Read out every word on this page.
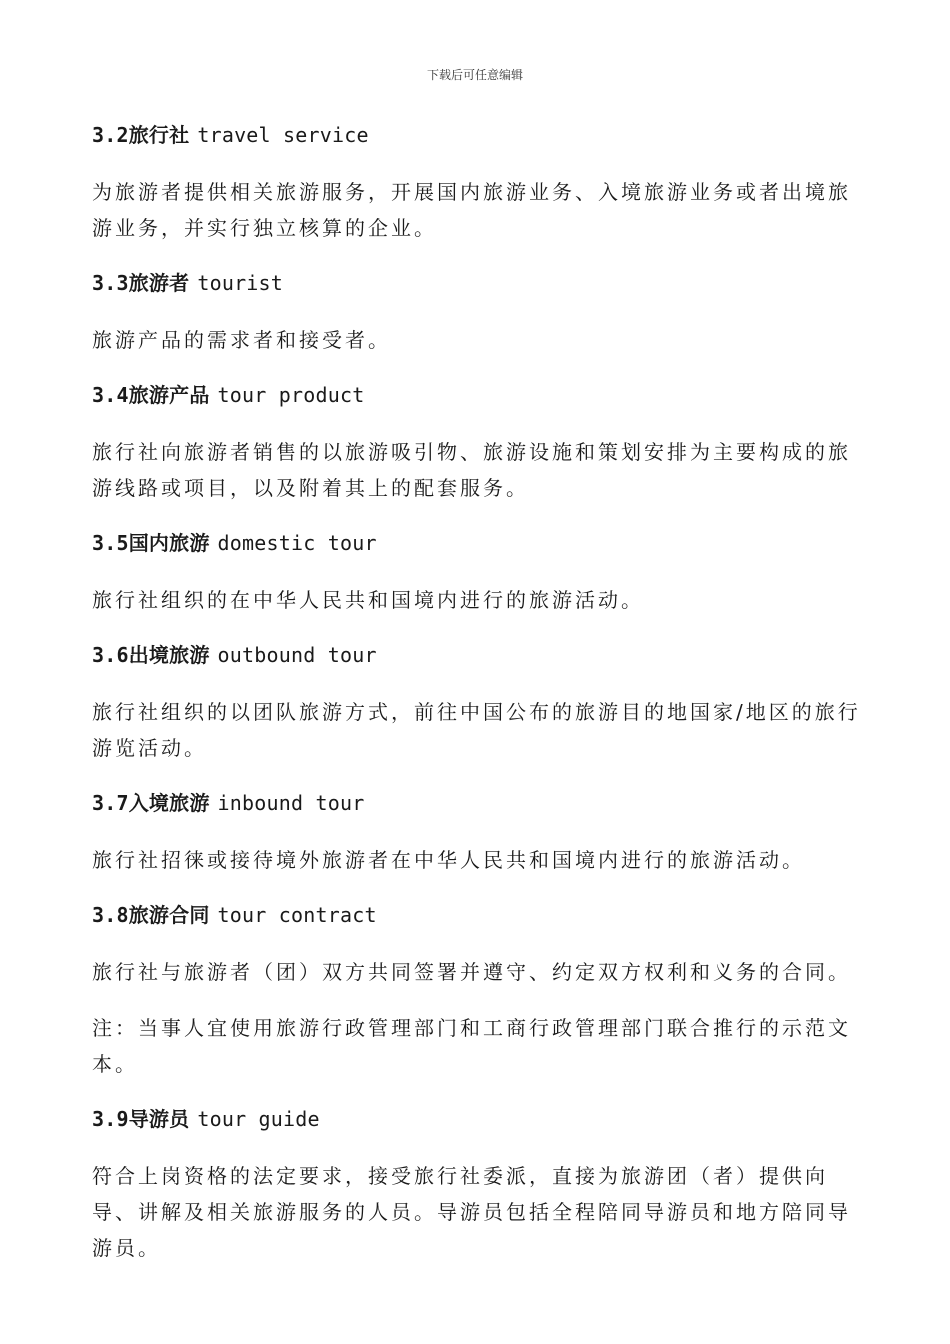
下载后可任意编辑
3.2旅行社 travel service

为旅游者提供相关旅游服务，开展国内旅游业务、入境旅游业务或者出境旅游业务，并实行独立核算的企业。

3.3旅游者 tourist

旅游产品的需求者和接受者。

3.4旅游产品 tour product

旅行社向旅游者销售的以旅游吸引物、旅游设施和策划安排为主要构成的旅游线路或项目，以及附着其上的配套服务。

3.5国内旅游 domestic tour

旅行社组织的在中华人民共和国境内进行的旅游活动。

3.6出境旅游 outbound tour

旅行社组织的以团队旅游方式，前往中国公布的旅游目的地国家/地区的旅行游览活动。

3.7入境旅游 inbound tour

旅行社招徕或接待境外旅游者在中华人民共和国境内进行的旅游活动。

3.8旅游合同 tour contract

旅行社与旅游者（团）双方共同签署并遵守、约定双方权利和义务的合同。

注：当事人宜使用旅游行政管理部门和工商行政管理部门联合推行的示范文本。

3.9导游员 tour guide

符合上岗资格的法定要求，接受旅行社委派，直接为旅游团（者）提供向导、讲解及相关旅游服务的人员。导游员包括全程陪同导游员和地方陪同导游员。
